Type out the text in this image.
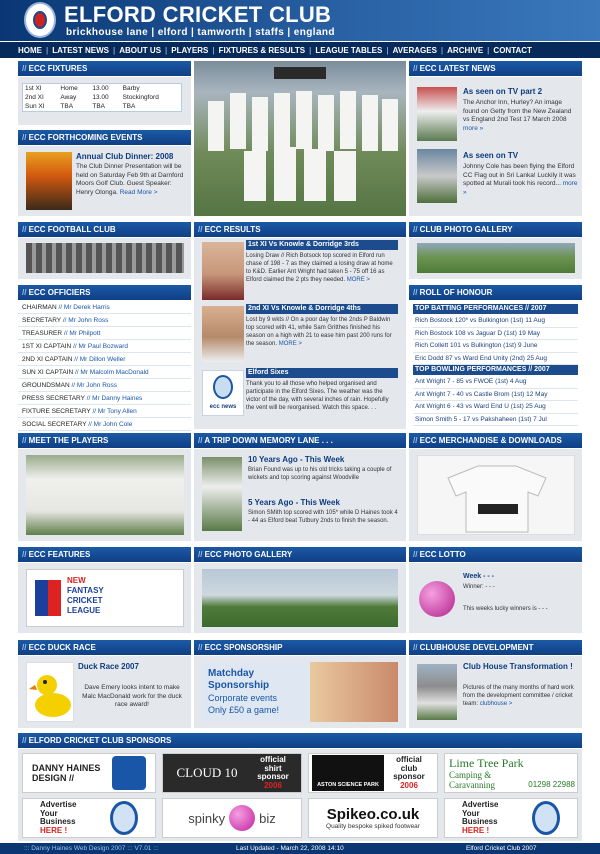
ELFORD CRICKET CLUB
brickhouse lane | elford | tamworth | staffs | england
HOME | LATEST NEWS | ABOUT US | PLAYERS | FIXTURES & RESULTS | LEAGUE TABLES | AVERAGES | ARCHIVE | CONTACT
// ECC FIXTURES
1st XI	Home	13.00	Barby
2nd XI	Away	13.00	Stockingford
Sun XI	TBA	TBA	TBA
// ECC FORTHCOMING EVENTS
Annual Club Dinner: 2008
The Club Dinner Presentation will be held on Saturday Feb 9th at Darnford Moors Golf Club. Guest Speaker: Henry Olonga. Read More >
// ECC LATEST NEWS
As seen on TV part 2
The Anchor Inn, Hurley? An image found on Getty from the New Zealand vs England 2nd Test 17 March 2008 more »
As seen on TV
Johnny Cole has been flying the Elford CC Flag out in Sri Lanka! Luckily it was spotted at Murali took his record... more »
// ECC FOOTBALL CLUB
// ECC OFFICIERS
CHAIRMAN // Mr Derek Harris
SECRETARY // Mr John Ross
TREASURER // Mr Philpott
1ST XI CAPTAIN // Mr Paul Bozward
2ND XI CAPTAIN // Mr Dillon Weller
SUN XI CAPTAIN // Mr Malcolm MacDonald
GROUNDSMAN // Mr John Ross
PRESS SECRETARY // Mr Danny Haines
FIXTURE SECRETARY // Mr Tony Allen
SOCIAL SECRETARY // Mr John Cole
// ECC RESULTS
1st XI Vs Knowle & Dorridge 3rds
Losing Draw // Rich Botsock top scored in Elford run chase of 198 - 7 as they claimed a losing draw at home to K&D. Earlier Ant Wright had taken 5 - 75 off 16 as Elford claimed the 2 pts they needed. MORE >
2nd XI Vs Knowle & Dorridge 4ths
Lost by 9 wkts // On a poor day for the 2nds P Baldwin top scored with 41, while Sam Gritthes finished his season on a high with 21 to ease him past 200 runs for the season. MORE >
ecc news
Elford Sixes
Thank you to all those who helped organised and participate in the Elford Sixes. The weather was the victor of the day, with several inches of rain. Hopefully the vent will be reorganised. Watch this space. . .
// CLUB PHOTO GALLERY
// ROLL OF HONOUR
TOP BATTING PERFORMANCES // 2007
Rich Bostock 120* vs Bulkington (1st) 11 Aug
Rich Bostock 108 vs Jaguar D (1st) 19 May
Rich Collett 101 vs Bulkington (1st) 9 June
Eric Dodd 87 vs Ward End Unity (2nd) 25 Aug
TOP BOWLING PERFORMANCES // 2007
Ant Wright 7 - 85 vs FWOE (1st) 4 Aug
Ant Wright 7 - 40 vs Castle Brom (1st) 12 May
Ant Wright 6 - 43 vs Ward End U (1st) 25 Aug
Simon Smith 5 - 17 vs Pakshaheen (1st) 7 Jul
// MEET THE PLAYERS	// A TRIP DOWN MEMORY LANE . . .
10 Years Ago - This Week
Brian Found was up to his old tricks taking a couple of wickets and top scoring against Woodville
5 Years Ago - This Week
Simon SMith top scored with 105* while D Haines took 4 - 44 as Elford beat Tutbury 2nds to finish the season.
// ECC MERCHANDISE & DOWNLOADS
// ECC FEATURES
NEW
FANTASY
CRICKET
LEAGUE
// ECC PHOTO GALLERY	// ECC LOTTO
Week - - -
Winner: - - -
This weeks lucky winners is - - -
// ECC DUCK RACE
Duck Race 2007
Dave Emery looks intent to make Malc MacDonald work for the duck race award!
// ECC SPONSORSHIP
Matchday
Sponsorship
Corporate events
Only £50 a game!
// CLUBHOUSE DEVELOPMENT
Club House Transformation !
Pictures of the many months of hard work from the development committee / cricket team: clubhouse >
// ELFORD CRICKET CLUB SPONSORS
DANNY HAINES DESIGN //	CLOUD 10
official
shirt
sponsor
2006	ASTON SCIENCE PARK
official
club
sponsor
2006
Lime Tree Park
Camping &
Caravanning	01298 22988
Advertise
Your
Business
HERE !
spinky	biz	Spikeo.co.uk
Quality bespoke spiked footwear
Advertise
Your
Business
HERE !
::: Danny Haines Web Design 2007 ::: V7.01 :::	Last Updated - March 22, 2008 14:10	Elford Cricket Club 2007
